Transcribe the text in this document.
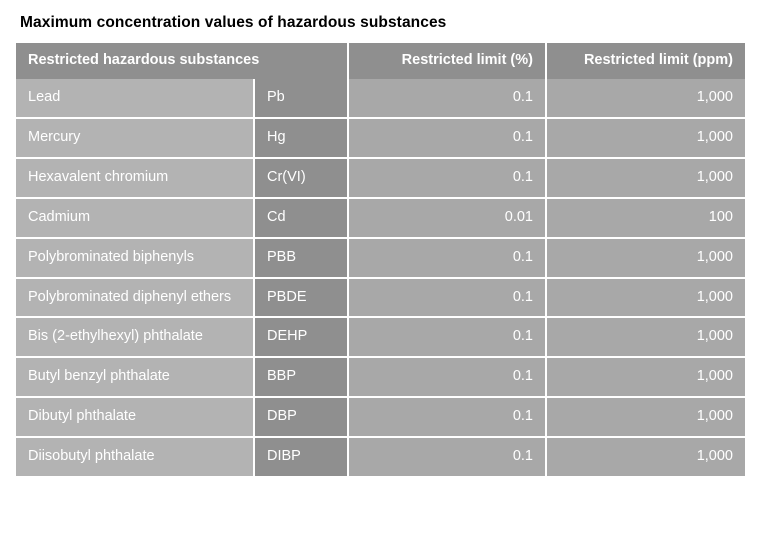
Maximum concentration values of hazardous substances
Restricted hazardous substances		Restricted limit (%)	Restricted limit (ppm)
Lead	Pb	0.1	1,000
Mercury	Hg	0.1	1,000
Hexavalent chromium	Cr(VI)	0.1	1,000
Cadmium	Cd	0.01	100
Polybrominated biphenyls	PBB	0.1	1,000
Polybrominated diphenyl ethers	PBDE	0.1	1,000
Bis (2-ethylhexyl) phthalate	DEHP	0.1	1,000
Butyl benzyl phthalate	BBP	0.1	1,000
Dibutyl phthalate	DBP	0.1	1,000
Diisobutyl phthalate	DIBP	0.1	1,000
